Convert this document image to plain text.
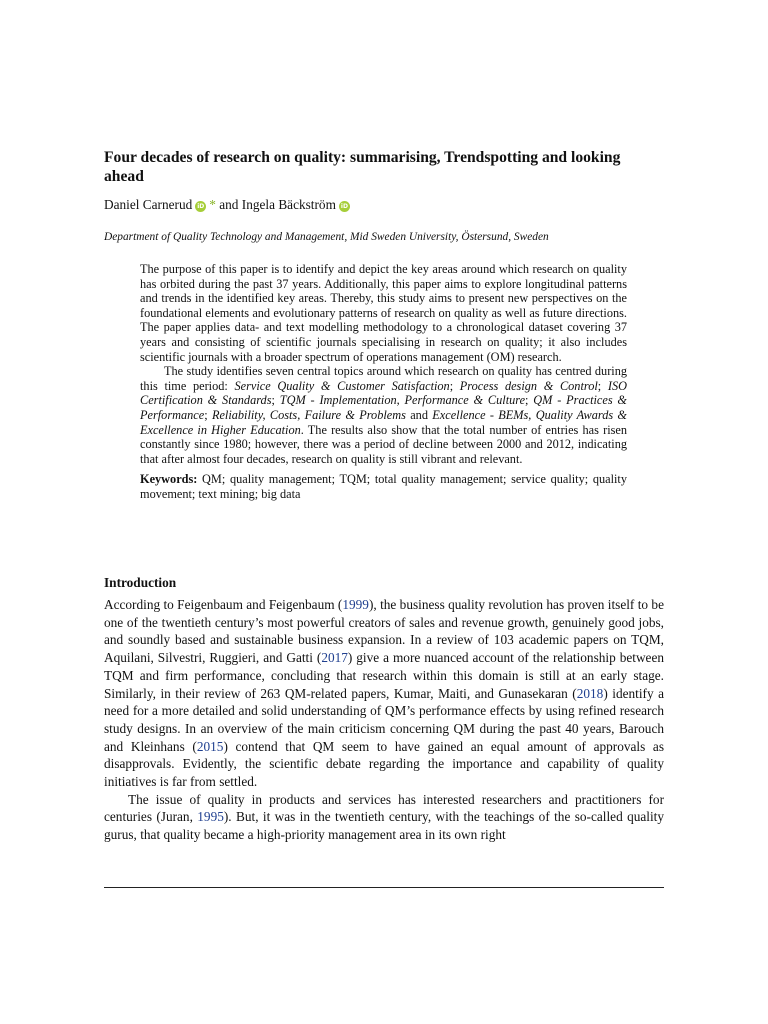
Four decades of research on quality: summarising, Trendspotting and looking ahead
Daniel Carnerud iD * and Ingela Bäckström iD
Department of Quality Technology and Management, Mid Sweden University, Östersund, Sweden

The purpose of this paper is to identify and depict the key areas around which research on quality has orbited during the past 37 years. Additionally, this paper aims to explore longitudinal patterns and trends in the identified key areas. Thereby, this study aims to present new perspectives on the foundational elements and evolutionary patterns of research on quality as well as future directions. The paper applies data- and text modelling methodology to a chronological dataset covering 37 years and consisting of scientific journals specialising in research on quality; it also includes scientific journals with a broader spectrum of operations management (OM) research.

The study identifies seven central topics around which research on quality has centred during this time period: Service Quality & Customer Satisfaction; Process design & Control; ISO Certification & Standards; TQM - Implementation, Performance & Culture; QM - Practices & Performance; Reliability, Costs, Failure & Problems and Excellence - BEMs, Quality Awards & Excellence in Higher Education. The results also show that the total number of entries has risen constantly since 1980; however, there was a period of decline between 2000 and 2012, indicating that after almost four decades, research on quality is still vibrant and relevant.

Keywords: QM; quality management; TQM; total quality management; service quality; quality movement; text mining; big data

Introduction

According to Feigenbaum and Feigenbaum (1999), the business quality revolution has proven itself to be one of the twentieth century’s most powerful creators of sales and revenue growth, genuinely good jobs, and soundly based and sustainable business expansion. In a review of 103 academic papers on TQM, Aquilani, Silvestri, Ruggieri, and Gatti (2017) give a more nuanced account of the relationship between TQM and firm performance, concluding that research within this domain is still at an early stage. Similarly, in their review of 263 QM-related papers, Kumar, Maiti, and Gunasekaran (2018) identify a need for a more detailed and solid understanding of QM’s performance effects by using refined research study designs. In an overview of the main criticism concerning QM during the past 40 years, Barouch and Kleinhans (2015) contend that QM seem to have gained an equal amount of approvals as disapprovals. Evidently, the scientific debate regarding the importance and capability of quality initiatives is far from settled.

The issue of quality in products and services has interested researchers and practitioners for centuries (Juran, 1995). But, it was in the twentieth century, with the teachings of the so-called quality gurus, that quality became a high-priority management area in its own right
